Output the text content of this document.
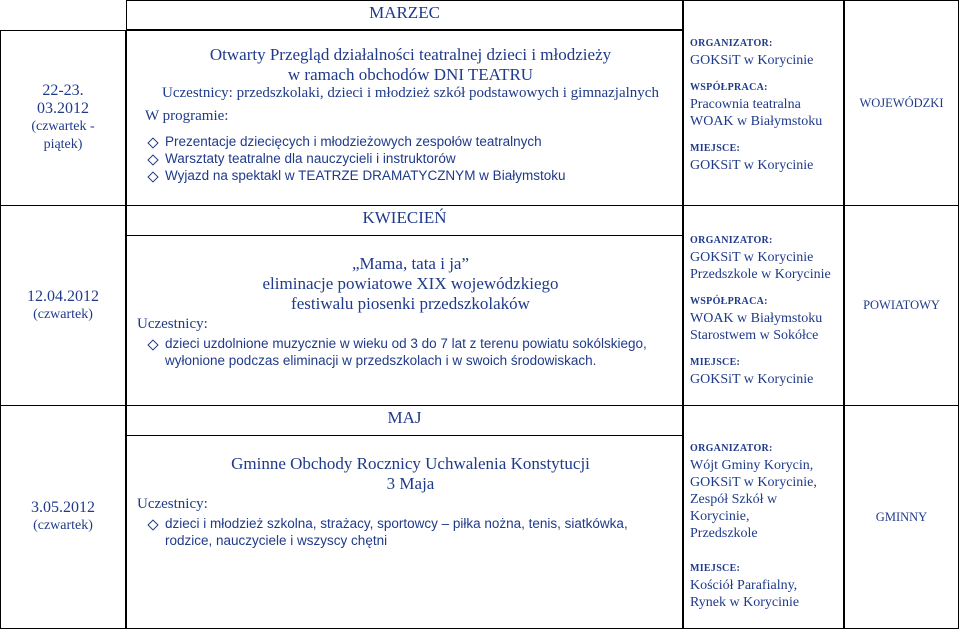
MARZEC
22-23. 03.2012
(czwartek - piątek)
Otwarty Przegląd działalności teatralnej dzieci i młodzieży
w ramach obchodów DNI TEATRU
Uczestnicy: przedszkolaki, dzieci i młodzież szkół podstawowych i gimnazjalnych
W programie:
Prezentacje dziecięcych i młodzieżowych zespołów teatralnych
Warsztaty teatralne dla nauczycieli i instruktorów
Wyjazd na spektakl w TEATRZE DRAMATYCZNYM w Białymstoku
ORGANIZATOR:
GOKSiT w Korycinie
WSPÓŁPRACA:
Pracownia teatralna
WOAK w Białymstoku
MIEJSCE:
GOKSiT w Korycinie
WOJEWÓDZKI
KWIECIEŃ
12.04.2012
(czwartek)
„Mama, tata i ja”
eliminacje powiatowe XIX wojewódzkiego
festiwalu piosenki przedszkolaków
Uczestnicy:
dzieci uzdolnione muzycznie w wieku od 3 do 7 lat z terenu powiatu sokólskiego, wyłonione podczas eliminacji w przedszkolach i w swoich środowiskach.
ORGANIZATOR:
GOKSiT w Korycinie
Przedszkole w Korycinie
WSPÓŁPRACA:
WOAK w Białymstoku
Starostwem w Sokółce
MIEJSCE:
GOKSiT w Korycinie
POWIATOWY
MAJ
3.05.2012
(czwartek)
Gminne Obchody Rocznicy Uchwalenia Konstytucji
3 Maja
Uczestnicy:
dzieci i młodzież szkolna, strażacy, sportowcy – piłka nożna, tenis, siatkówka, rodzice, nauczyciele i wszyscy chętni
ORGANIZATOR:
Wójt Gminy Korycin,
GOKSiT w Korycinie,
Zespół Szkół w
Korycinie,
Przedszkole
MIEJSCE:
Kościół Parafialny,
Rynek w Korycinie
GMINNY
